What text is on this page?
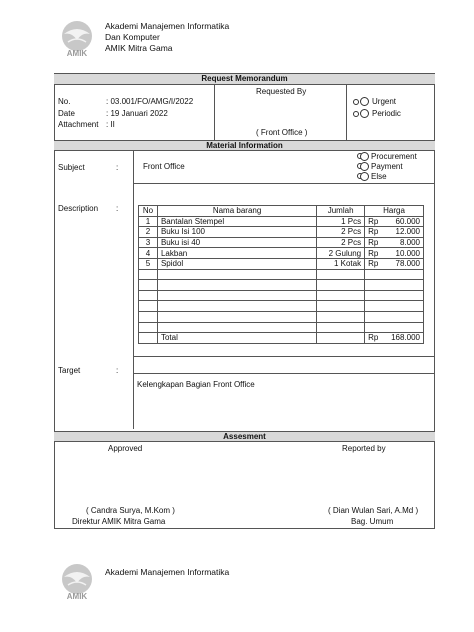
AMIK
Akademi Manajemen Informatika
Dan Komputer
AMIK Mitra Gama
Request Memorandum
No.	: 03.001/FO/AMG/I/2022
Date	: 19 Januari 2022
Attachment : II
Requested By
( Front Office )
Urgent
Periodic
Material Information
Subject	:	Front Office
Procurement
Payment
Else
Description :	No	Nama barang	Jumlah	Harga
1	Bantalan Stempel	1 Pcs	Rp 60.000

2	Buku Isi 100	2 Pcs	Rp 12.000

3	Buku isi 40	2 Pcs	Rp 8.000

4	Lakban	2 Gulung	Rp 10.000

5	Spidol	1 Kotak	Rp 78.000

	Total		Rp 168.000
Target	:
Kelengkapan Bagian Front Office
Assesment
Approved	Reported by
( Candra Surya, M.Kom )
Direktur AMIK Mitra Gama
( Dian Wulan Sari, A.Md )
Bag. Umum
AMIK
Akademi Manajemen Informatika
